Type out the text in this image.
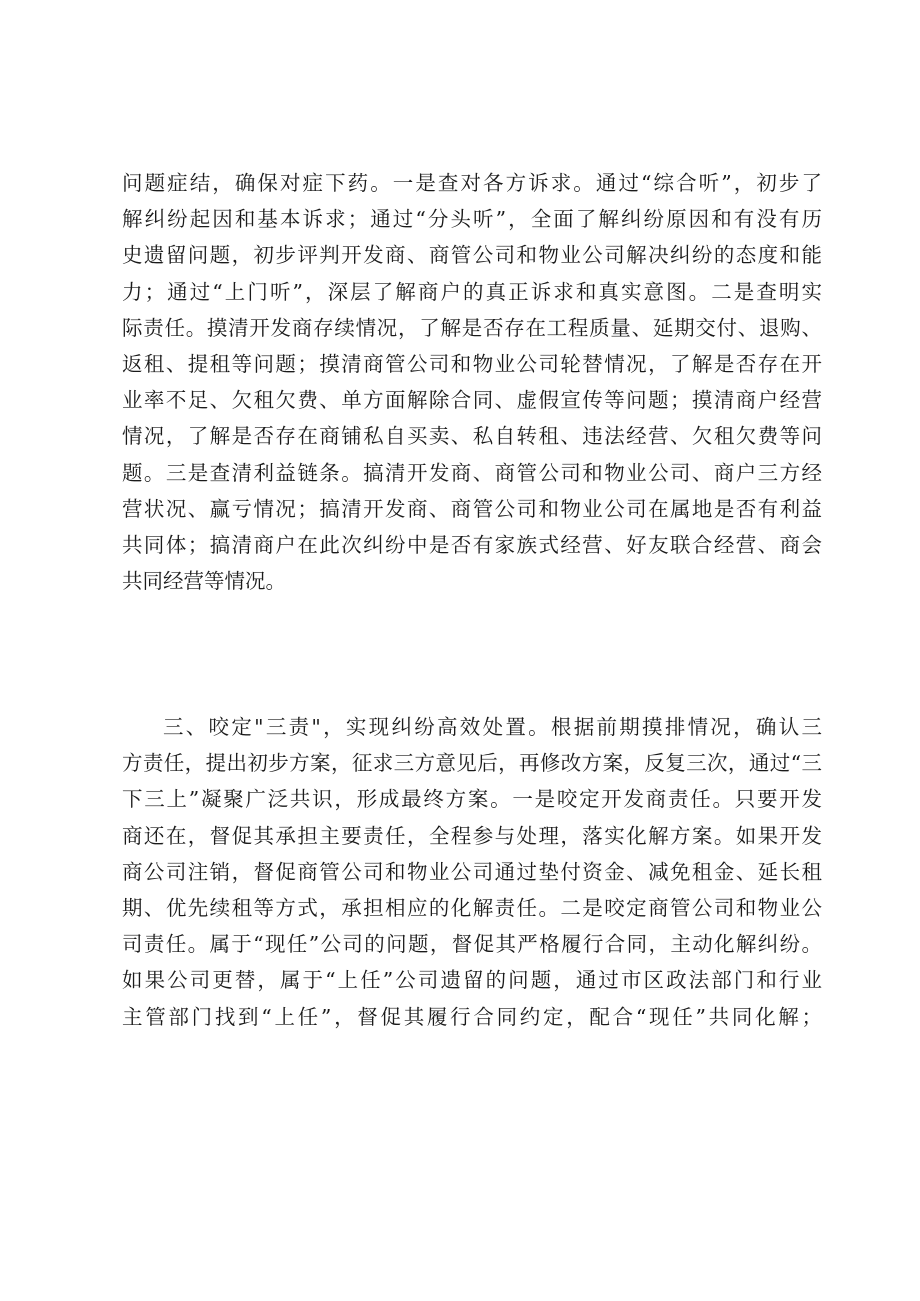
问题症结，确保对症下药。一是查对各方诉求。通过“综合听”，初步了
解纠纷起因和基本诉求；通过“分头听”，全面了解纠纷原因和有没有历
史遗留问题，初步评判开发商、商管公司和物业公司解决纠纷的态度和能
力；通过“上门听”，深层了解商户的真正诉求和真实意图。二是查明实
际责任。摸清开发商存续情况，了解是否存在工程质量、延期交付、退购、
返租、提租等问题；摸清商管公司和物业公司轮替情况，了解是否存在开
业率不足、欠租欠费、单方面解除合同、虚假宣传等问题；摸清商户经营
情况，了解是否存在商铺私自买卖、私自转租、违法经营、欠租欠费等问
题。三是查清利益链条。搞清开发商、商管公司和物业公司、商户三方经
营状况、赢亏情况；搞清开发商、商管公司和物业公司在属地是否有利益
共同体；搞清商户在此次纠纷中是否有家族式经营、好友联合经营、商会
共同经营等情况。
三、咬定"三责"，实现纠纷高效处置。根据前期摸排情况，确认三
方责任，提出初步方案，征求三方意见后，再修改方案，反复三次，通过“三
下三上”凝聚广泛共识，形成最终方案。一是咬定开发商责任。只要开发
商还在，督促其承担主要责任，全程参与处理，落实化解方案。如果开发
商公司注销，督促商管公司和物业公司通过垫付资金、减免租金、延长租
期、优先续租等方式，承担相应的化解责任。二是咬定商管公司和物业公
司责任。属于“现任”公司的问题，督促其严格履行合同，主动化解纠纷。
如果公司更替，属于“上任”公司遗留的问题，通过市区政法部门和行业
主管部门找到“上任”，督促其履行合同约定，配合“现任”共同化解；
